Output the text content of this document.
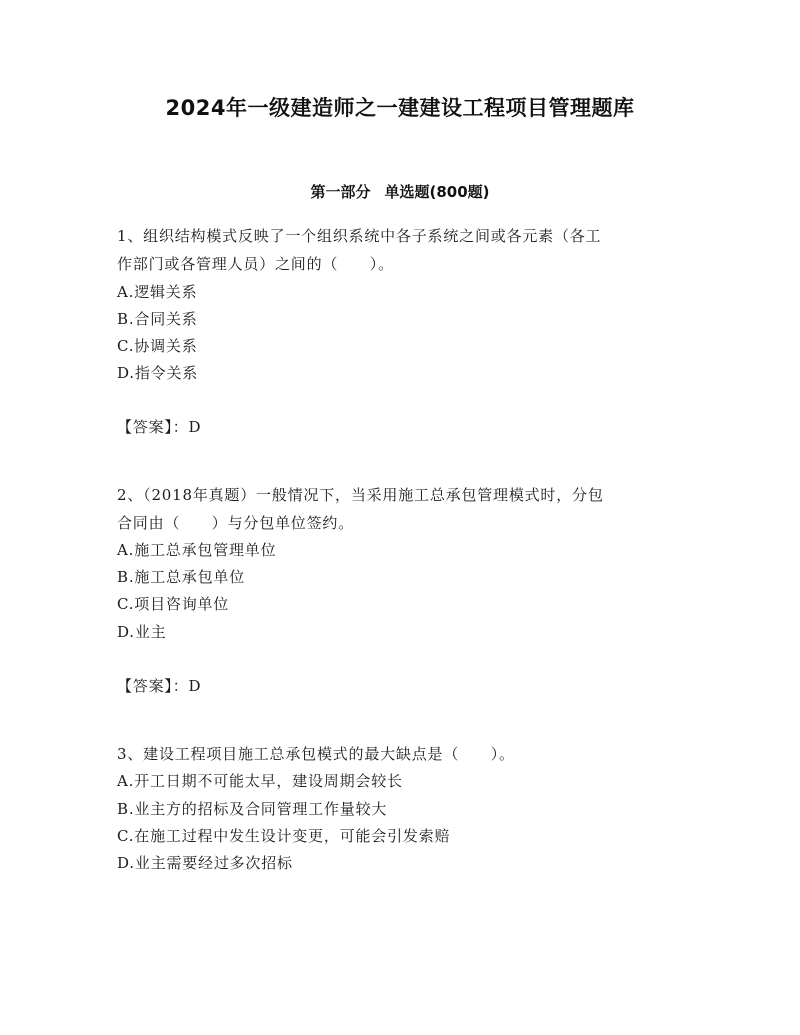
2024年一级建造师之一建建设工程项目管理题库
第一部分 单选题(800题)
1、组织结构模式反映了一个组织系统中各子系统之间或各元素（各工
作部门或各管理人员）之间的（　　）。
A.逻辑关系
B.合同关系
C.协调关系
D.指令关系
【答案】：D
2、（2018年真题）一般情况下，当采用施工总承包管理模式时，分包
合同由（　　）与分包单位签约。
A.施工总承包管理单位
B.施工总承包单位
C.项目咨询单位
D.业主
【答案】：D
3、建设工程项目施工总承包模式的最大缺点是（　　）。
A.开工日期不可能太早，建设周期会较长
B.业主方的招标及合同管理工作量较大
C.在施工过程中发生设计变更，可能会引发索赔
D.业主需要经过多次招标
